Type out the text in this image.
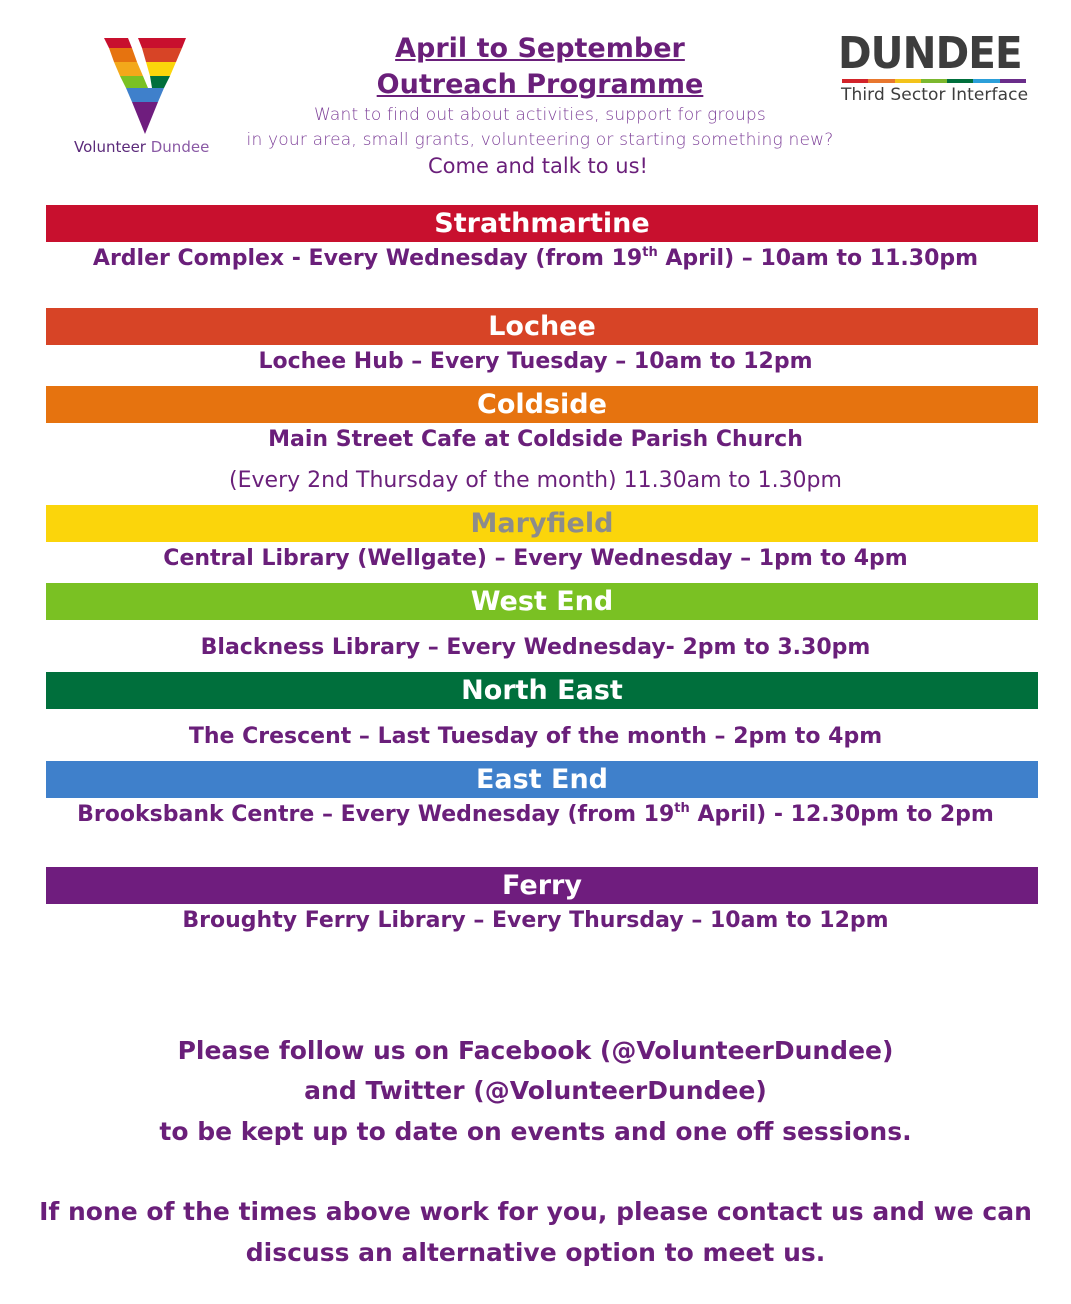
Volunteer Dundee
April to September
Outreach Programme
Want to find out about activities, support for groups
in your area, small grants, volunteering or starting something new?
Come and talk to us!
DUNDEE
Third Sector Interface
Strathmartine
Ardler Complex - Every Wednesday (from 19th April) – 10am to 11.30pm
Lochee
Lochee Hub – Every Tuesday – 10am to 12pm
Coldside
Main Street Cafe at Coldside Parish Church
(Every 2nd Thursday of the month) 11.30am to 1.30pm
Maryfield
Central Library (Wellgate) – Every Wednesday – 1pm to 4pm
West End
Blackness Library – Every Wednesday- 2pm to 3.30pm
North East
The Crescent – Last Tuesday of the month – 2pm to 4pm
East End
Brooksbank Centre – Every Wednesday (from 19th April) - 12.30pm to 2pm
Ferry
Broughty Ferry Library – Every Thursday – 10am to 12pm
Please follow us on Facebook (@VolunteerDundee)
and Twitter (@VolunteerDundee)
to be kept up to date on events and one off sessions.
If none of the times above work for you, please contact us and we can
discuss an alternative option to meet us.
